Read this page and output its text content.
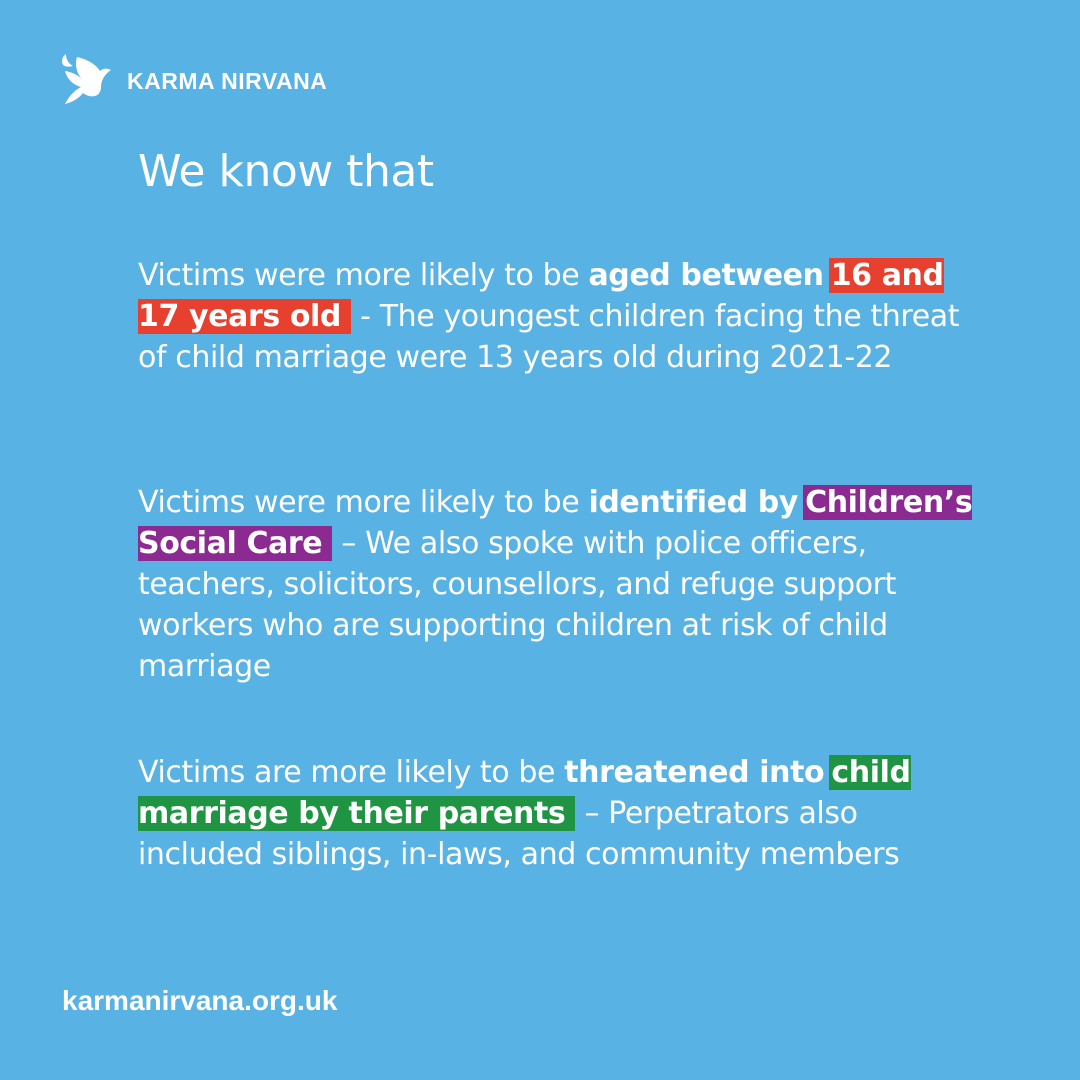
KARMA NIRVANA
We know that

Victims were more likely to be aged between 16 and 17 years old - The youngest children facing the threat of child marriage were 13 years old during 2021-22

Victims were more likely to be identified by Children’s Social Care – We also spoke with police officers, teachers, solicitors, counsellors, and refuge support workers who are supporting children at risk of child marriage

Victims are more likely to be threatened into child marriage by their parents – Perpetrators also included siblings, in-laws, and community members

karmanirvana.org.uk
